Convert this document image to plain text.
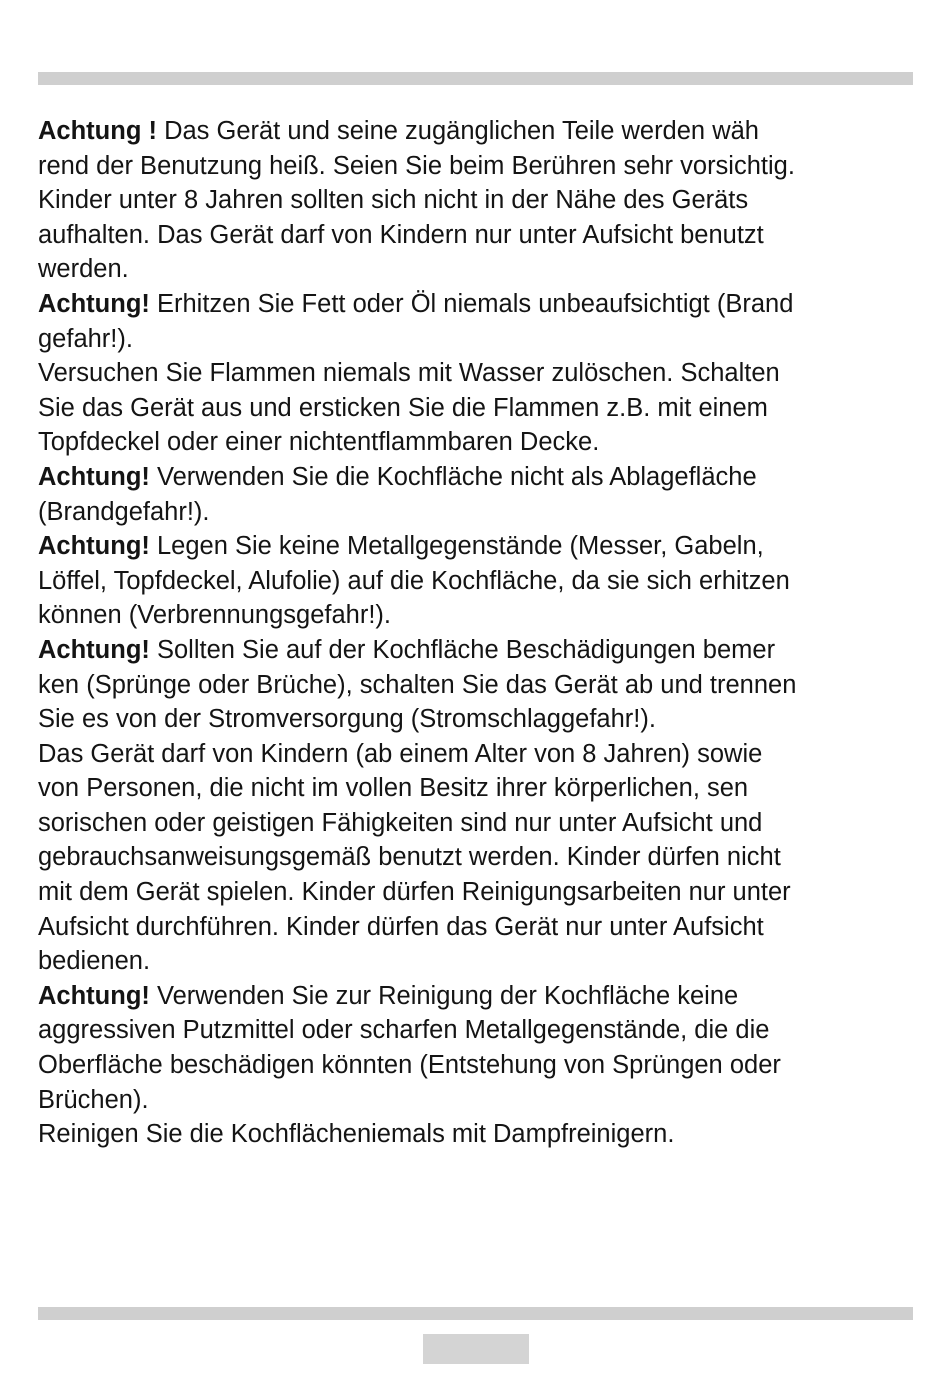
Achtung ! Das Gerät und seine zugänglichen Teile werden wäh
rend der Benutzung heiß. Seien Sie beim Berühren sehr vorsichtig.
Kinder unter 8 Jahren sollten sich nicht in der Nähe des Geräts
aufhalten. Das Gerät darf von Kindern nur unter Aufsicht benutzt
werden.
Achtung! Erhitzen Sie Fett oder Öl niemals unbeaufsichtigt (Brand
gefahr!).
Versuchen Sie Flammen niemals mit Wasser zulöschen. Schalten
Sie das Gerät aus und ersticken Sie die Flammen z.B. mit einem
Topfdeckel oder einer nichtentflammbaren Decke.
Achtung! Verwenden Sie die Kochfläche nicht als Ablagefläche
(Brandgefahr!).
Achtung! Legen Sie keine Metallgegenstände (Messer, Gabeln,
Löffel, Topfdeckel, Alufolie) auf die Kochfläche, da sie sich erhitzen
können (Verbrennungsgefahr!).
Achtung! Sollten Sie auf der Kochfläche Beschädigungen bemer
ken (Sprünge oder Brüche), schalten Sie das Gerät ab und trennen
Sie es von der Stromversorgung (Stromschlaggefahr!).
Das Gerät darf von Kindern (ab einem Alter von 8 Jahren) sowie
von Personen, die nicht im vollen Besitz ihrer körperlichen, sen
sorischen oder geistigen Fähigkeiten sind nur unter Aufsicht und
gebrauchsanweisungsgemäß benutzt werden. Kinder dürfen nicht
mit dem Gerät spielen. Kinder dürfen Reinigungsarbeiten nur unter
Aufsicht durchführen. Kinder dürfen das Gerät nur unter Aufsicht
bedienen.
Achtung! Verwenden Sie zur Reinigung der Kochfläche keine
aggressiven Putzmittel oder scharfen Metallgegenstände, die die
Oberfläche beschädigen könnten (Entstehung von Sprüngen oder
Brüchen).
Reinigen Sie die Kochflächeniemals mit Dampfreinigern.
